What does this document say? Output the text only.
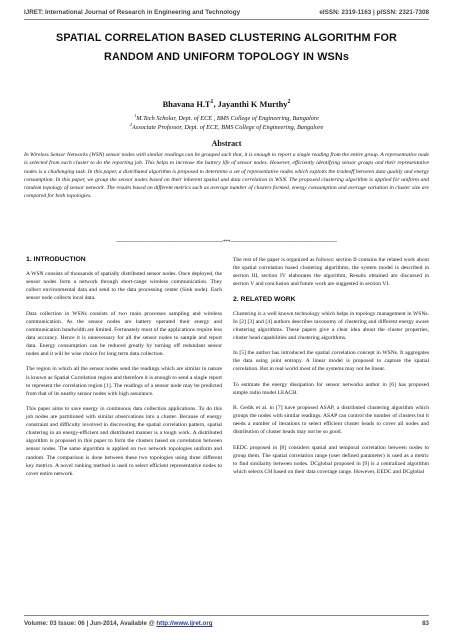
IJRET: International Journal of Research in Engineering and Technology	eISSN: 2319-1163 | pISSN: 2321-7308
SPATIAL CORRELATION BASED CLUSTERING ALGORITHM FOR
RANDOM AND UNIFORM TOPOLOGY IN WSNs
Bhavana $H.T^1$, Jayanthi K Murthy$^2$
$^1$M.Tech Scholar, Dept. of ECE , BMS College of Engineering, Bangalore
$^2$Associate Professor, Dept. of ECE, BMS College of Engineering, Bangalore
Abstract
In Wireless Sensor Networks (WSN) sensor nodes with similar readings can be grouped such that, it is enough to report a single reading from the entire group. A representative node is selected from each cluster to do the reporting job. This helps to increase the battery life of sensor nodes. However, efficiently identifying sensor groups and their representative nodes is a challenging task. In this paper, a distributed algorithm is proposed to determine a set of representative nodes which exploits the tradeoff between data quality and energy consumption. In this paper, we group the sensor nodes based on their inherent spatial and data correlation in WSN. The proposed clustering algorithm is applied for uniform and random topology of sensor network. The results based on different metrics such as average number of clusters formed, energy consumption and average variation in cluster size are compared for both topologies.
---------------------------------------------------------------------***---------------------------------------------------------------------
1. INTRODUCTION

A WSN consists of thousands of spatially distributed sensor nodes. Once deployed, the sensor nodes form a network through short-range wireless communication. They collect environmental data and send to the data processing center (Sink node). Each sensor node collects local data.

Data collection in WSNs consists of two main processes sampling and wireless communication. As the sensor nodes are battery operated their energy and communication bandwidth are limited. Fortunately most of the applications require less data accuracy. Hence it is unnecessary for all the sensor nodes to sample and report data. Energy consumption can be reduced greatly by turning off redundant sensor nodes and it will be wise choice for long term data collection.

The region in which all the sensor nodes send the readings which are similar in nature is known as Spatial Correlation region and therefore it is enough to send a single report to represent the correlation region [1]. The readings of a sensor node may be predicted from that of its nearby sensor nodes with high assurance.

This paper aims to save energy in continuous data collection applications. To do this job nodes are partitioned with similar observations into a cluster. Because of energy constraint and difficulty involved in discovering the spatial correlation pattern, spatial clustering in an energy-efficient and distributed manner is a tough work. A distributed algorithm is proposed in this paper to form the clusters based on correlation between sensor nodes. The same algorithm is applied on two network topologies uniform and random. The comparison is done between these two topologies using three different key metrics. A novel ranking method is used to select efficient representative nodes to cover entire network.

The rest of the paper is organized as follows: section II contains the related work about the spatial correlation based clustering algorithms, the system model is described in section III, section IV elaborates the algorithm, Results obtained are discussed in section V and conclusion and future work are suggested in section VI.

2. RELATED WORK

Clustering is a well known technology which helps in topology management in WSNs. In [2] [3] and [4] authors describes taxonomy of clustering and different energy aware clustering algorithms. These papers give a clear idea about the cluster properties, cluster head capabilities and clustering algorithms.

In [5] the author has introduced the spatial correlation concept in WSNs. It aggregates the data using joint entropy. A linear model is proposed to capture the spatial correlation. But in real world most of the systems may not be linear.

To estimate the energy dissipation for sensor networks author in [6] has proposed simple radio model LEACH.

B. Gedik et al. in [7] have proposed ASAP, a distributed clustering algorithm which groups the nodes with similar readings. ASAP can control the number of clusters but it needs a number of iterations to select efficient cluster heads to cover all nodes and distribution of cluster heads may not be so good.

EEDC proposed in [8] considers spatial and temporal correlation between nodes to group them. The spatial correlation range (user defined parameter) is used as a metric to find similarity between nodes. DCglobal proposed in [9] is a centralized algorithm which selects CH based on their data coverage range. However, EEDC and DCglobal

Volume: 03 Issue: 06 | Jun-2014, Available @ http://www.ijret.org	83
